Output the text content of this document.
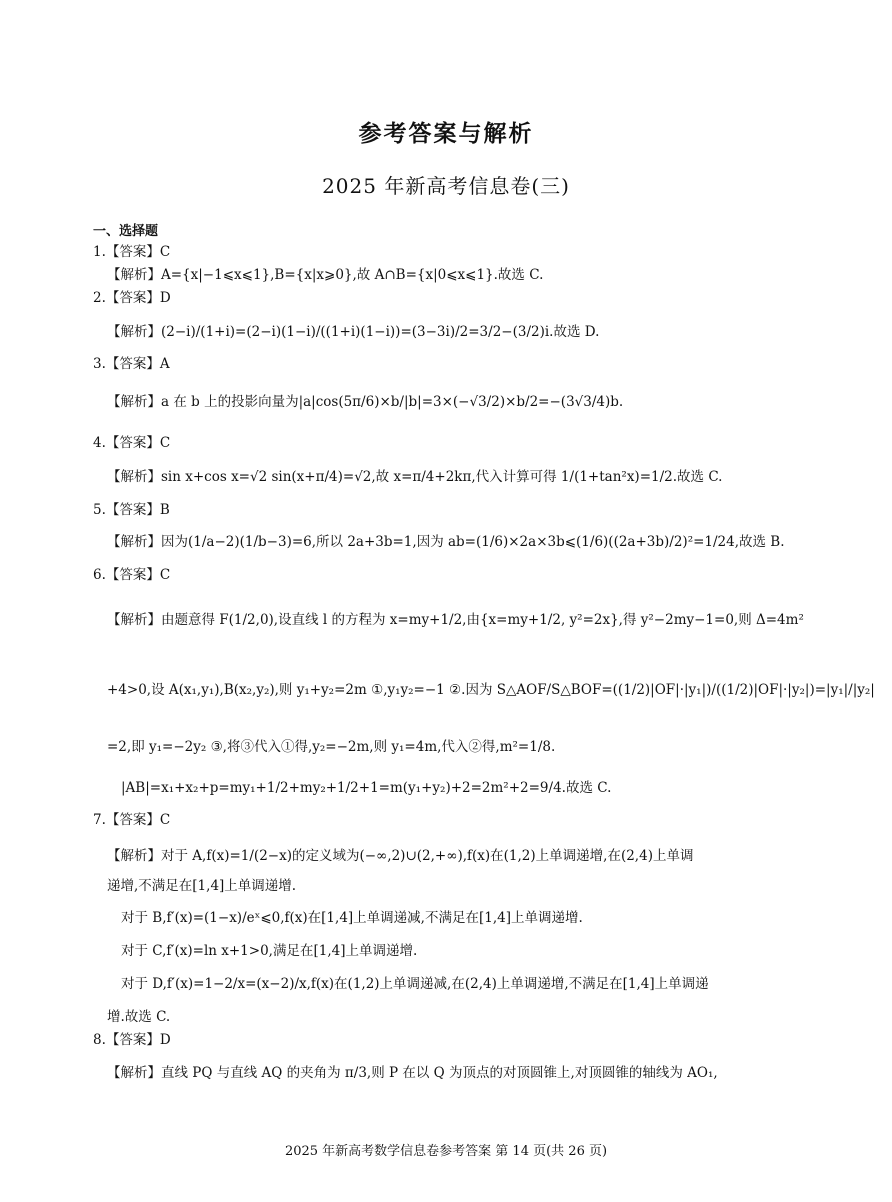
参考答案与解析
2025 年新高考信息卷(三)
一、选择题
1.【答案】C
【解析】A={x|−1⩽x⩽1},B={x|x⩾0},故 A∩B={x|0⩽x⩽1}.故选 C.
2.【答案】D
【解析】(2−i)/(1+i)=(2−i)(1−i)/((1+i)(1−i))=(3−3i)/2=3/2−(3/2)i.故选 D.
3.【答案】A
【解析】a 在 b 上的投影向量为|a|cos(5π/6)×b/|b|=3×(−√3/2)×b/2=−(3√3/4)b.
4.【答案】C
【解析】sin x+cos x=√2 sin(x+π/4)=√2,故 x=π/4+2kπ,代入计算可得 1/(1+tan²x)=1/2.故选 C.
5.【答案】B
【解析】因为(1/a−2)(1/b−3)=6,所以 2a+3b=1,因为 ab=(1/6)×2a×3b⩽(1/6)((2a+3b)/2)²=1/24,故选 B.
6.【答案】C
【解析】由题意得 F(1/2,0),设直线 l 的方程为 x=my+1/2,由{x=my+1/2, y²=2x},得 y²−2my−1=0,则 Δ=4m²
+4>0,设 A(x₁,y₁),B(x₂,y₂),则 y₁+y₂=2m ①,y₁y₂=−1 ②.因为 S△AOF/S△BOF=((1/2)|OF|·|y₁|)/((1/2)|OF|·|y₂|)=|y₁|/|y₂|
=2,即 y₁=−2y₂ ③,将③代入①得,y₂=−2m,则 y₁=4m,代入②得,m²=1/8.
|AB|=x₁+x₂+p=my₁+1/2+my₂+1/2+1=m(y₁+y₂)+2=2m²+2=9/4.故选 C.
7.【答案】C
【解析】对于 A,f(x)=1/(2−x)的定义域为(−∞,2)∪(2,+∞),f(x)在(1,2)上单调递增,在(2,4)上单调
递增,不满足在[1,4]上单调递增.
对于 B,f′(x)=(1−x)/eˣ⩽0,f(x)在[1,4]上单调递减,不满足在[1,4]上单调递增.
对于 C,f′(x)=ln x+1>0,满足在[1,4]上单调递增.
对于 D,f′(x)=1−2/x=(x−2)/x,f(x)在(1,2)上单调递减,在(2,4)上单调递增,不满足在[1,4]上单调递
增.故选 C.
8.【答案】D
【解析】直线 PQ 与直线 AQ 的夹角为 π/3,则 P 在以 Q 为顶点的对顶圆锥上,对顶圆锥的轴线为 AO₁,
2025 年新高考数学信息卷参考答案 第 14 页(共 26 页)
